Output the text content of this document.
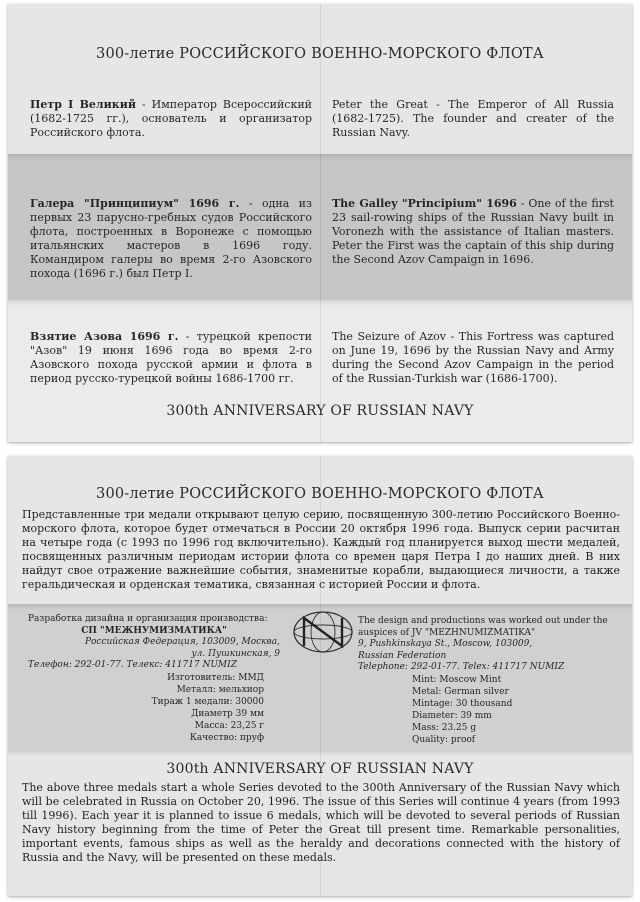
300-летие РОССИЙСКОГО ВОЕННО-МОРСКОГО ФЛОТА
Петр I Великий - Император Всероссийский (1682-1725 гг.), основатель и организатор Российского флота.
Peter the Great - The Emperor of All Russia (1682-1725). The founder and creater of the Russian Navy.
Галера "Принципиум" 1696 г. - одна из первых 23 парусно-гребных судов Российского флота, построенных в Воронеже с помощью итальянских мастеров в 1696 году. Командиром галеры во время 2-го Азовского похода (1696 г.) был Петр I.
The Galley "Principium" 1696 - One of the first 23 sail-rowing ships of the Russian Navy built in Voronezh with the assistance of Italian masters. Peter the First was the captain of this ship during the Second Azov Campaign in 1696.
Взятие Азова 1696 г. - турецкой крепости "Азов" 19 июня 1696 года во время 2-го Азовского похода русской армии и флота в период русско-турецкой войны 1686-1700 гг.
The Seizure of Azov - This Fortress was captured on June 19, 1696 by the Russian Navy and Army during the Second Azov Campaign in the period of the Russian-Turkish war (1686-1700).
300th ANNIVERSARY OF RUSSIAN NAVY
300-летие РОССИЙСКОГО ВОЕННО-МОРСКОГО ФЛОТА
Представленные три медали открывают целую серию, посвященную 300-летию Российского Военно-морского флота, которое будет отмечаться в России 20 октября 1996 года. Выпуск серии расчитан на четыре года (с 1993 по 1996 год включительно). Каждый год планируется выход шести медалей, посвященных различным периодам истории флота со времен царя Петра I до наших дней. В них найдут свое отражение важнейшие события, знаменитые корабли, выдающиеся личности, а также геральдическая и орденская тематика, связанная с историей России и флота.
Разработка дизайна и организация производства:
СП "МЕЖНУМИЗМАТИКА"
Российская Федерация, 103009, Москва,
ул. Пушкинская, 9
Телефон: 292-01-77. Телекс: 411717 NUMIZ
The design and productions was worked out under the auspices of JV "MEZHNUMIZMATIKA"
9, Pushkinskaya St., Moscow, 103009,
Russian Federation
Telephone: 292-01-77. Telex: 411717 NUMIZ
Изготовитель: ММД
Металл: мельхиор
Тираж 1 медали: 30000
Диаметр 39 мм
Масса: 23,25 г
Качество: пруф
Mint: Moscow Mint
Metal: German silver
Mintage: 30 thousand
Diameter: 39 mm
Mass: 23.25 g
Quality: proof
300th ANNIVERSARY OF RUSSIAN NAVY
The above three medals start a whole Series devoted to the 300th Anniversary of the Russian Navy which will be celebrated in Russia on October 20, 1996. The issue of this Series will continue 4 years (from 1993 till 1996). Each year it is planned to issue 6 medals, which will be devoted to several periods of Russian Navy history beginning from the time of Peter the Great till present time. Remarkable personalities, important events, famous ships as well as the heraldy and decorations connected with the history of Russia and the Navy, will be presented on these medals.
